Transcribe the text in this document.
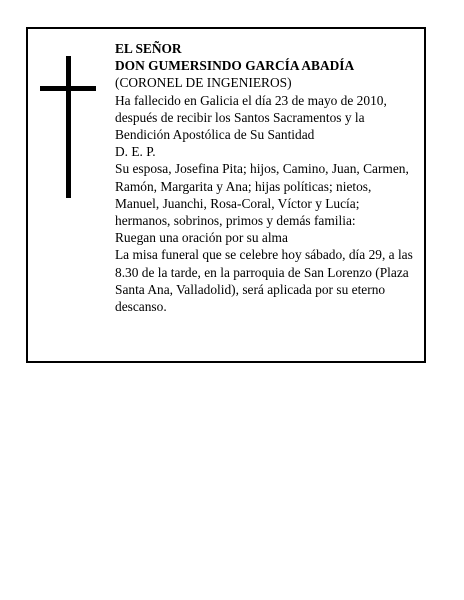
EL SEÑOR
DON GUMERSINDO GARCÍA ABADÍA
(CORONEL DE INGENIEROS)
Ha fallecido en Galicia el día 23 de mayo de 2010,
después de recibir los Santos Sacramentos y la
Bendición Apostólica de Su Santidad
D. E. P.
Su esposa, Josefina Pita; hijos, Camino, Juan, Carmen,
Ramón, Margarita y Ana; hijas políticas; nietos,
Manuel, Juanchi, Rosa-Coral, Víctor y Lucía;
hermanos, sobrinos, primos y demás familia:
Ruegan una oración por su alma
La misa funeral que se celebre hoy sábado, día 29, a las
8.30 de la tarde, en la parroquia de San Lorenzo (Plaza
Santa Ana, Valladolid), será aplicada por su eterno
descanso.
